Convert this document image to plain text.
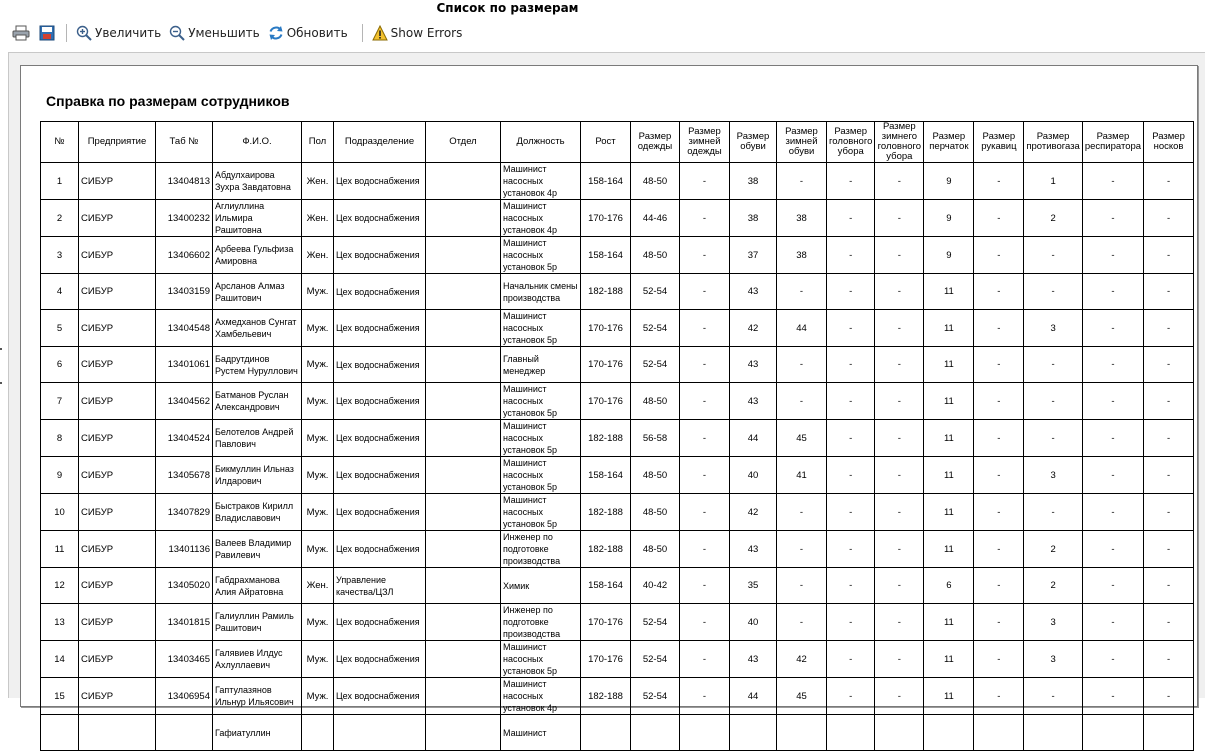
Список по размерам
Увеличить Уменьшить Обновить	Show Errors
Справка по размерам сотрудников
№	Предприятие	Таб №	Ф.И.О.	Пол	Подразделение	Отдел	Должность	Рост	Размер одежды	Размер зимней одежды	Размер обуви	Размер зимней обуви	Размер головного убора	Размер зимнего головного убора	Размер перчаток	Размер рукавиц	Размер противогаза	Размер респиратора	Размер носков
1	СИБУР	13404813	Абдулхаирова Зухра Завдатовна	Жен.	Цех водоснабжения		Машинист насосных установок 4р	158-164	48-50	-	38	-	-	-	9	-	1	-	-
2	СИБУР	13400232	Аглиуллина Ильмира Рашитовна	Жен.	Цех водоснабжения		Машинист насосных установок 4р	170-176	44-46	-	38	38	-	-	9	-	2	-	-
3	СИБУР	13406602	Арбеева Гульфиза Амировна	Жен.	Цех водоснабжения		Машинист насосных установок 5р	158-164	48-50	-	37	38	-	-	9	-	-	-	-
4	СИБУР	13403159	Арсланов Алмаз Рашитович	Муж.	Цех водоснабжения		Начальник смены производства	182-188	52-54	-	43	-	-	-	11	-	-	-	-
5	СИБУР	13404548	Ахмедханов Сунгат Хамбельевич	Муж.	Цех водоснабжения		Машинист насосных установок 5р	170-176	52-54	-	42	44	-	-	11	-	3	-	-
6	СИБУР	13401061	Бадрутдинов Рустем Нуруллович	Муж.	Цех водоснабжения		Главный менеджер	170-176	52-54	-	43	-	-	-	11	-	-	-	-
7	СИБУР	13404562	Батманов Руслан Александрович	Муж.	Цех водоснабжения		Машинист насосных установок 5р	170-176	48-50	-	43	-	-	-	11	-	-	-	-
8	СИБУР	13404524	Белотелов Андрей Павлович	Муж.	Цех водоснабжения		Машинист насосных установок 5р	182-188	56-58	-	44	45	-	-	11	-	-	-	-
9	СИБУР	13405678	Бикмуллин Ильназ Илдарович	Муж.	Цех водоснабжения		Машинист насосных установок 5р	158-164	48-50	-	40	41	-	-	11	-	3	-	-
10	СИБУР	13407829	Быстраков Кирилл Владиславович	Муж.	Цех водоснабжения		Машинист насосных установок 5р	182-188	48-50	-	42	-	-	-	11	-	-	-	-
11	СИБУР	13401136	Валеев Владимир Равилевич	Муж.	Цех водоснабжения		Инженер по подготовке производства	182-188	48-50	-	43	-	-	-	11	-	2	-	-
12	СИБУР	13405020	Габдрахманова Алия Айратовна	Жен.	Управление качества/ЦЗЛ		Химик	158-164	40-42	-	35	-	-	-	6	-	2	-	-
13	СИБУР	13401815	Галиуллин Рамиль Рашитович	Муж.	Цех водоснабжения		Инженер по подготовке производства	170-176	52-54	-	40	-	-	-	11	-	3	-	-
14	СИБУР	13403465	Галявиев Илдус Ахлуллаевич	Муж.	Цех водоснабжения		Машинист насосных установок 5р	170-176	52-54	-	43	42	-	-	11	-	3	-	-
15	СИБУР	13406954	Гаптулазянов Ильнур Ильясович	Муж.	Цех водоснабжения		Машинист насосных установок 4р	182-188	52-54	-	44	45	-	-	11	-	-	-	-
			Гафиатуллин				Машинист												
